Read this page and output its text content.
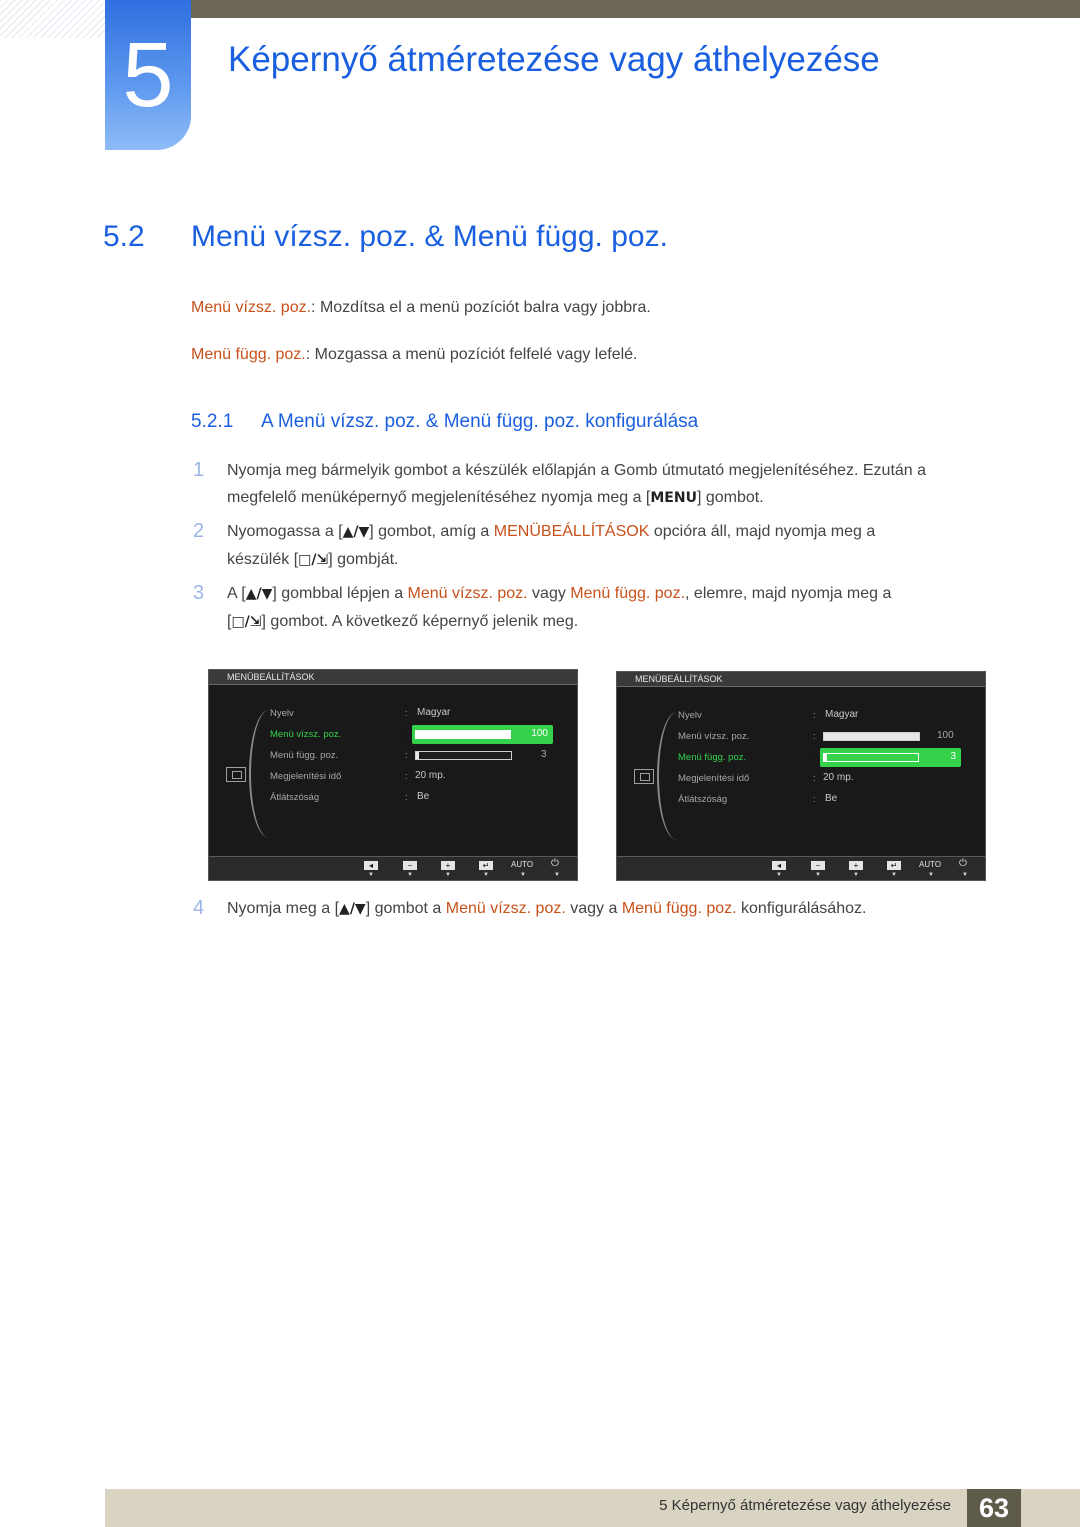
5	Képernyő átméretezése vagy áthelyezése
5.2 Menü vízsz. poz. & Menü függ. poz.
Menü vízsz. poz.: Mozdítsa el a menü pozíciót balra vagy jobbra.
Menü függ. poz.: Mozgassa a menü pozíciót felfelé vagy lefelé.
5.2.1 A Menü vízsz. poz. & Menü függ. poz. konfigurálása
1 Nyomja meg bármelyik gombot a készülék előlapján a Gomb útmutató megjelenítéséhez. Ezután a
megfelelő menüképernyő megjelenítéséhez nyomja meg a [MENU] gombot.
2 Nyomogassa a [▲/▼] gombot, amíg a MENÜBEÁLLÍTÁSOK opcióra áll, majd nyomja meg a
készülék [□/⇲] gombját.
3 A [▲/▼] gombbal lépjen a Menü vízsz. poz. vagy Menü függ. poz., elemre, majd nyomja meg a
[□/⇲] gombot. A következő képernyő jelenik meg.
MENÜBEÁLLÍTÁSOK
Nyelv	: Magyar
Menü vízsz. poz.	100
:
Menü függ. poz.	:	3
Megjelenítési idő	: 20 mp.
Átlátszóság	: Be
◂	−	+	↵	AUTO ⏻
▼	▼	▼	▼	▼	▼
MENÜBEÁLLÍTÁSOK
Nyelv	: Magyar
Menü vízsz. poz.	:	100
Menü függ. poz.	3
:
Megjelenítési idő	: 20 mp.
Átlátszóság	: Be
◂	−	+	↵	AUTO ⏻
▼	▼	▼	▼	▼	▼
4 Nyomja meg a [▲/▼] gombot a Menü vízsz. poz. vagy a Menü függ. poz. konfigurálásához.
5 Képernyő átméretezése vagy áthelyezése	63
